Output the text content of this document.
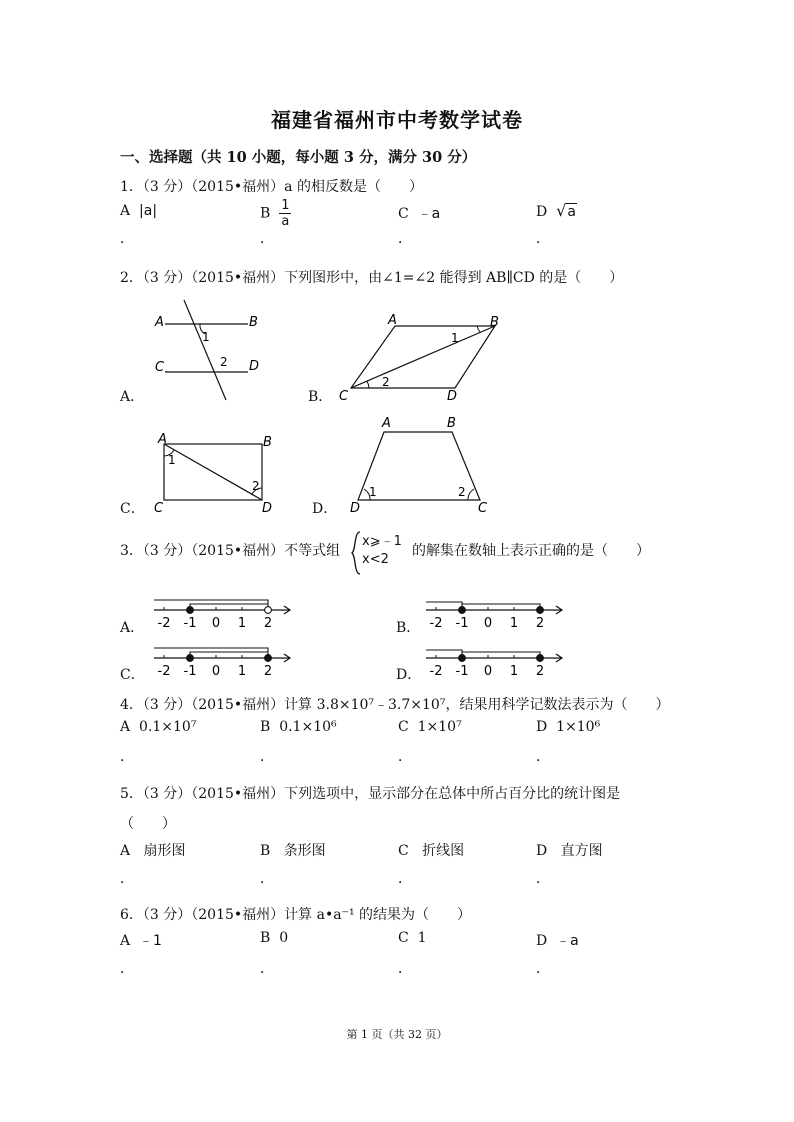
福建省福州市中考数学试卷
一、选择题（共 10 小题，每小题 3 分，满分 30 分）
1．（3 分）（2015•福州）a 的相反数是（　　）
A |a|	B $\frac{1}{a}$	C ﹣a	D √a
．	．	．	．
2．（3 分）（2015•福州）下列图形中，由∠1=∠2 能得到 AB∥CD 的是（　　）
A	B
C	D
1
2
A．
A	B
C	D
1
2
B．
A	B
C	D
1
2
C．
A	B
D	C
1	2
D．
3．（3 分）（2015•福州）不等式组
x⩾﹣1
x<2
的解集在数轴上表示正确的是（　　）
A． -2 -1 0 1 2	B． -2 -1 0 1 2
C． -2 -1 0 1 2	D． -2 -1 0 1 2
4．（3 分）（2015•福州）计算 3.8×10⁷﹣3.7×10⁷，结果用科学记数法表示为（　　）
A 0.1×10⁷	B 0.1×10⁶	C 1×10⁷	D 1×10⁶
．	．	．	．
5．（3 分）（2015•福州）下列选项中，显示部分在总体中所占百分比的统计图是
（　　）
A 扇形图	B 条形图	C 折线图	D 直方图
．	．	．	．
6．（3 分）（2015•福州）计算 a•a⁻¹ 的结果为（　　）
A ﹣1	B 0	C 1	D ﹣a
．	．	．	．
第 1 页（共 32 页）
